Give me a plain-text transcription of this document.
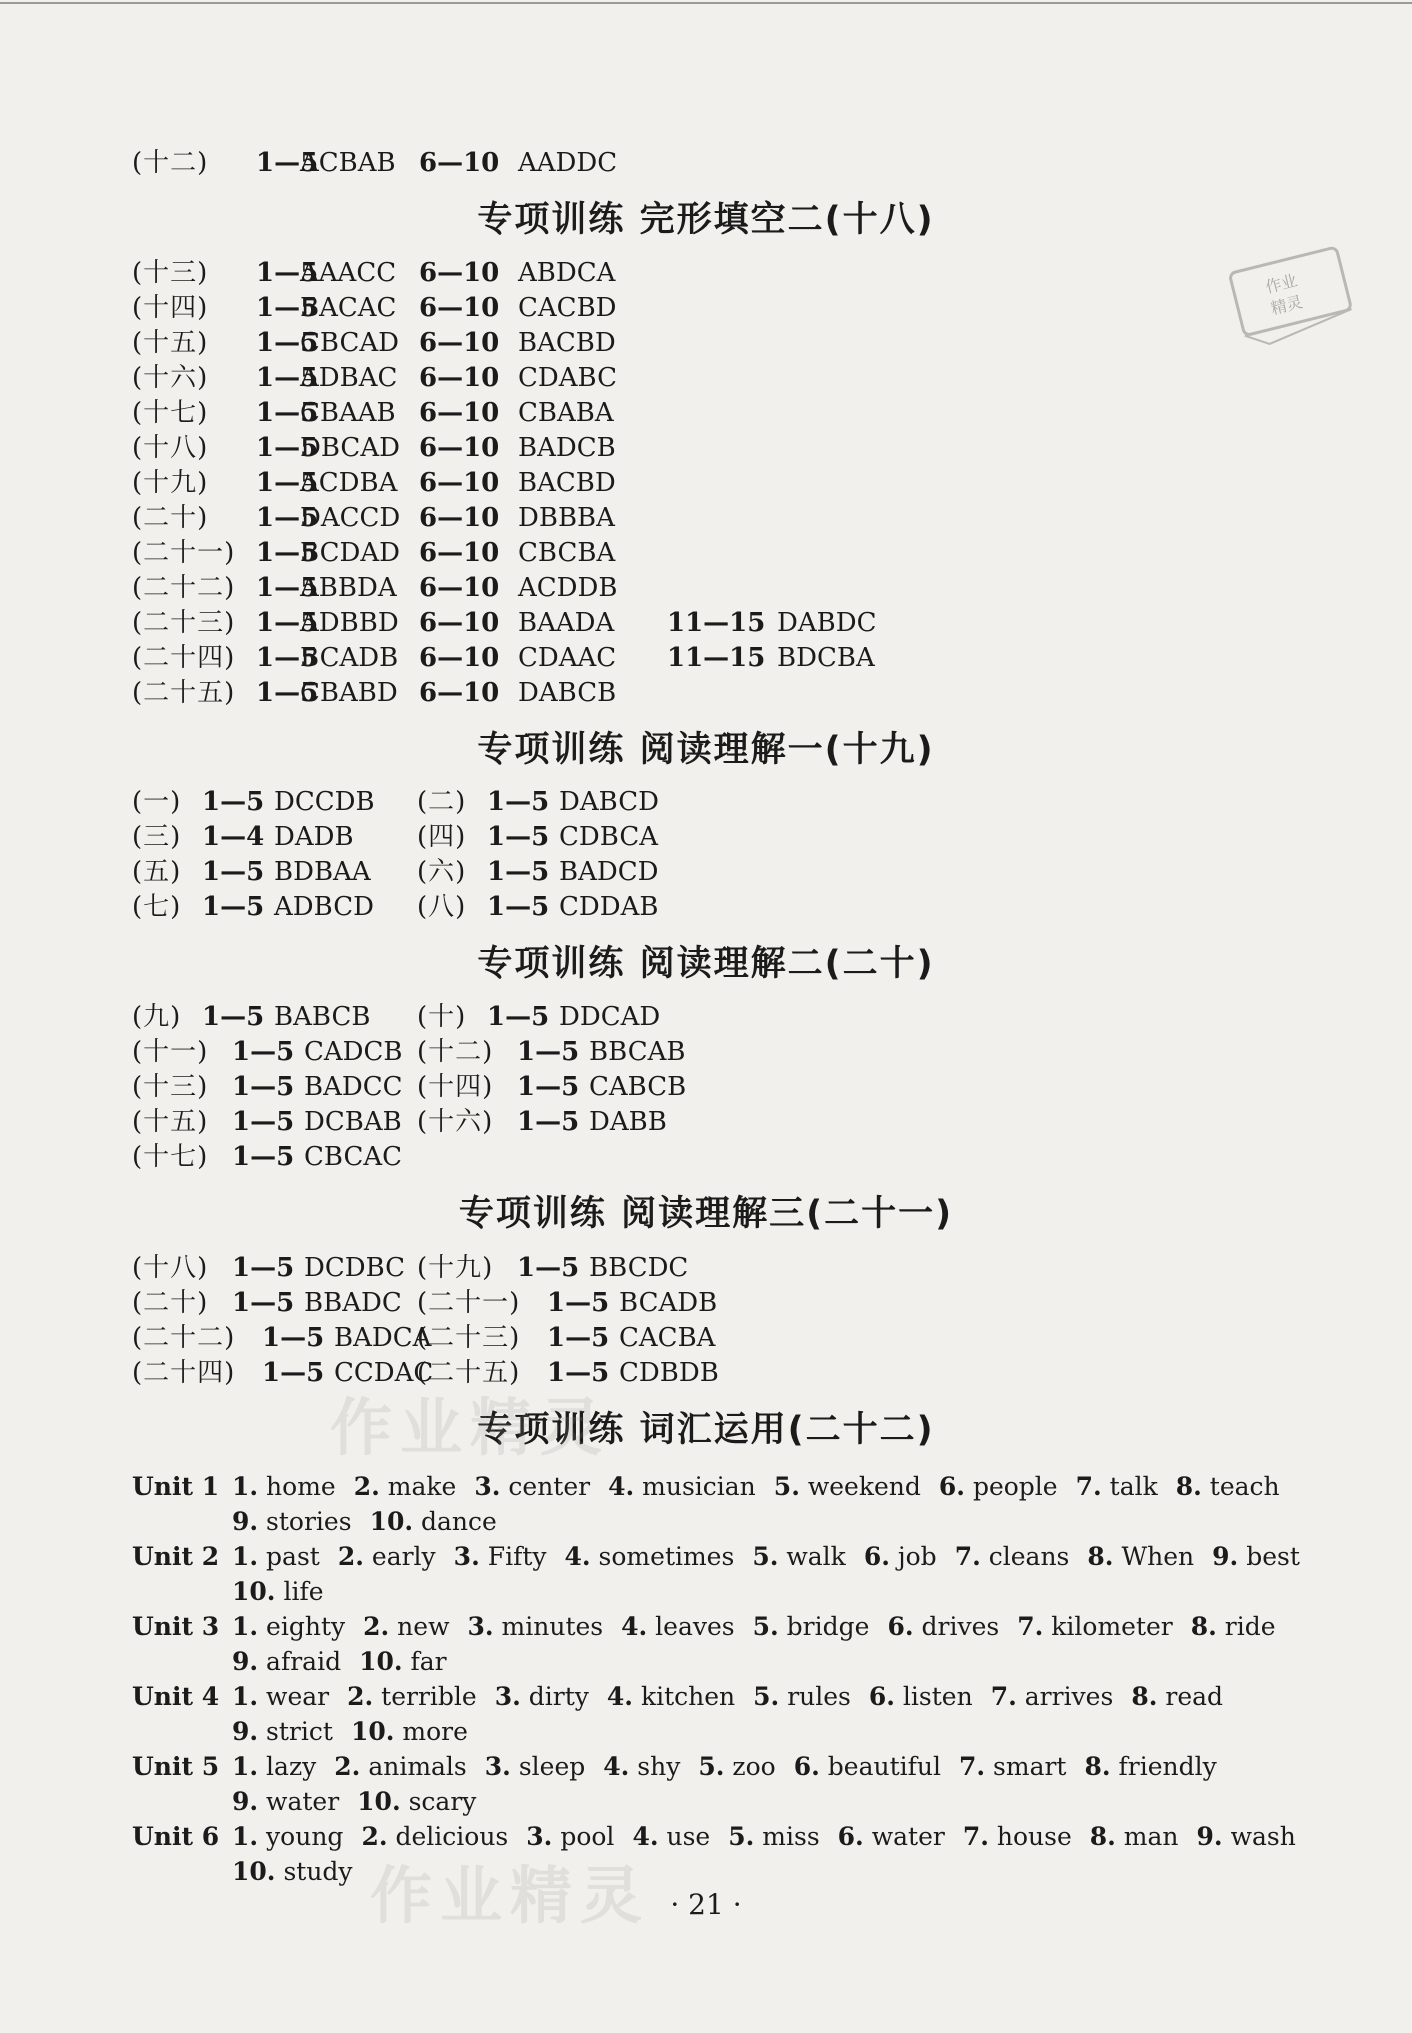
(十二) 1—5
ACBAB 6—10 AADDC
专项训练 完形填空二(十八)
(十三) 1—5
AAACC 6—10 ABDCA
(十四) 1—5
BACAC 6—10 CACBD
(十五) 1—5
CBCAD 6—10 BACBD
(十六) 1—5
ADBAC 6—10 CDABC
(十七) 1—5
CBAAB 6—10 CBABA
(十八) 1—5
DBCAD 6—10 BADCB
(十九) 1—5
ACDBA 6—10 BACBD
(二十) 1—5
DACCD 6—10 DBBBA
(二十一) 1—5
BCDAD 6—10 CBCBA
(二十二) 1—5
ABBDA 6—10 ACDDB
(二十三) 1—5
ADBBD 6—10 BAADA 11—15 DABDC
(二十四) 1—5
BCADB 6—10 CDAAC 11—15 BDCBA
(二十五) 1—5
CBABD 6—10 DABCB
专项训练 阅读理解一(十九)
(一) 1—5 DCCDB (二) 1—5 DABCD
(三) 1—4 DADB (四) 1—5 CDBCA
(五) 1—5 BDBAA (六) 1—5 BADCD
(七) 1—5 ADBCD (八) 1—5 CDDAB
专项训练 阅读理解二(二十)
(九) 1—5 BABCB (十) 1—5 DDCAD
(十一) 1—5 CADCB (十二) 1—5 BBCAB
(十三) 1—5 BADCC (十四) 1—5 CABCB
(十五) 1—5 DCBAB (十六) 1—5 DABB
(十七) 1—5 CBCAC
专项训练 阅读理解三(二十一)
(十八) 1—5 DCDBC (十九) 1—5 BBCDC
(二十) 1—5 BBADC (二十一) 1—5 BCADB
(二十二) 1—5 BADCA
(二十三) 1—5 CACBA
(二十四) 1—5 CCDAC
(二十五) 1—5 CDBDB
专项训练 词汇运用(二十二)
Unit 1 1. home 2. make 3. center 4. musician 5. weekend 6. people 7. talk 8. teach
9. stories 10. dance
Unit 2 1. past 2. early 3. Fifty 4. sometimes 5. walk 6. job 7. cleans 8. When 9. best
10. life
Unit 3 1. eighty 2. new 3. minutes 4. leaves 5. bridge 6. drives 7. kilometer 8. ride
9. afraid 10. far
Unit 4 1. wear 2. terrible 3. dirty 4. kitchen 5. rules 6. listen 7. arrives 8. read
9. strict 10. more
Unit 5 1. lazy 2. animals 3. sleep 4. shy 5. zoo 6. beautiful 7. smart 8. friendly
9. water 10. scary
Unit 6 1. young 2. delicious 3. pool 4. use 5. miss 6. water 7. house 8. man 9. wash
10. study
· 21 ·
作业
精灵
作业精灵
作业精灵
